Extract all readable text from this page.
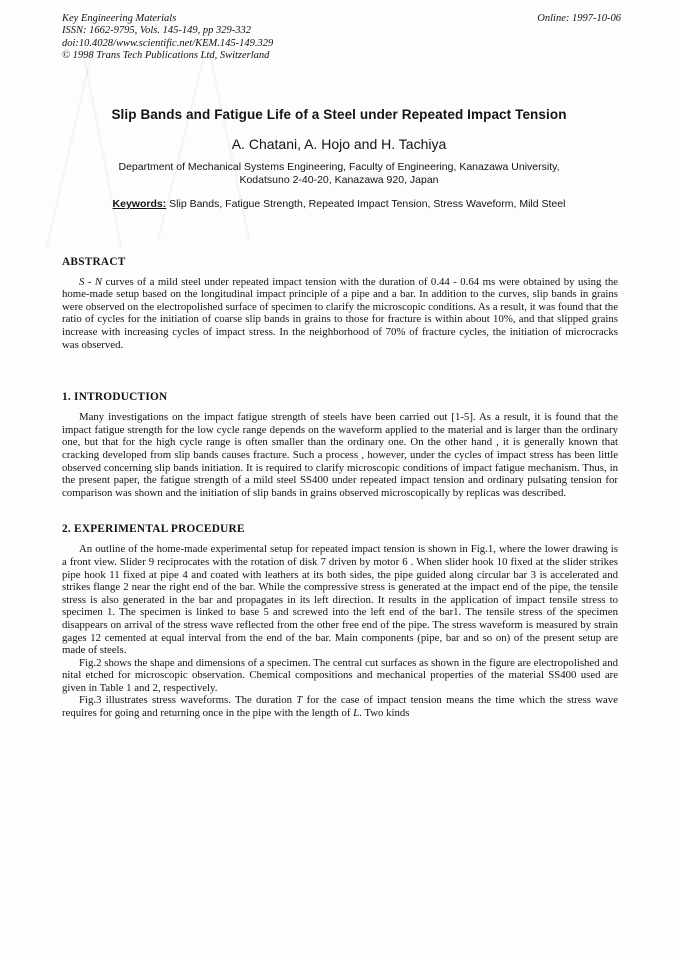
Key Engineering Materials
ISSN: 1662-9795, Vols. 145-149, pp 329-332
doi:10.4028/www.scientific.net/KEM.145-149.329
© 1998 Trans Tech Publications Ltd, Switzerland
Online: 1997-10-06
Slip Bands and Fatigue Life of a Steel under Repeated Impact Tension
A. Chatani, A. Hojo and H. Tachiya
Department of Mechanical Systems Engineering, Faculty of Engineering, Kanazawa University,
Kodatsuno 2-40-20, Kanazawa 920, Japan
Keywords: Slip Bands, Fatigue Strength, Repeated Impact Tension, Stress Waveform, Mild Steel
ABSTRACT

S - N curves of a mild steel under repeated impact tension with the duration of 0.44 - 0.64 ms were obtained by using the home-made setup based on the longitudinal impact principle of a pipe and a bar. In addition to the curves, slip bands in grains were observed on the electropolished surface of specimen to clarify the microscopic conditions. As a result, it was found that the ratio of cycles for the initiation of coarse slip bands in grains to those for fracture is within about 10%, and that slipped grains increase with increasing cycles of impact stress. In the neighborhood of 70% of fracture cycles, the initiation of microcracks was observed.

1. INTRODUCTION

Many investigations on the impact fatigue strength of steels have been carried out [1-5]. As a result, it is found that the impact fatigue strength for the low cycle range depends on the waveform applied to the material and is larger than the ordinary one, but that for the high cycle range is often smaller than the ordinary one. On the other hand , it is generally known that cracking developed from slip bands causes fracture. Such a process , however, under the cycles of impact stress has been little observed concerning slip bands initiation. It is required to clarify microscopic conditions of impact fatigue mechanism. Thus, in the present paper, the fatigue strength of a mild steel SS400 under repeated impact tension and ordinary pulsating tension for comparison was shown and the initiation of slip bands in grains observed microscopically by replicas was described.

2. EXPERIMENTAL PROCEDURE

An outline of the home-made experimental setup for repeated impact tension is shown in Fig.1, where the lower drawing is a front view. Slider 9 reciprocates with the rotation of disk 7 driven by motor 6 . When slider hook 10 fixed at the slider strikes pipe hook 11 fixed at pipe 4 and coated with leathers at its both sides, the pipe guided along circular bar 3 is accelerated and strikes flange 2 near the right end of the bar. While the compressive stress is generated at the impact end of the pipe, the tensile stress is also generated in the bar and propagates in its left direction. It results in the application of impact tensile stress to specimen 1. The specimen is linked to base 5 and screwed into the left end of the bar1. The tensile stress of the specimen disappears on arrival of the stress wave reflected from the other free end of the pipe. The stress waveform is measured by strain gages 12 cemented at equal interval from the end of the bar. Main components (pipe, bar and so on) of the present setup are made of steels.

Fig.2 shows the shape and dimensions of a specimen. The central cut surfaces as shown in the figure are electropolished and nital etched for microscopic observation. Chemical compositions and mechanical properties of the material SS400 used are given in Table 1 and 2, respectively.

Fig.3 illustrates stress waveforms. The duration T for the case of impact tension means the time which the stress wave requires for going and returning once in the pipe with the length of L. Two kinds
